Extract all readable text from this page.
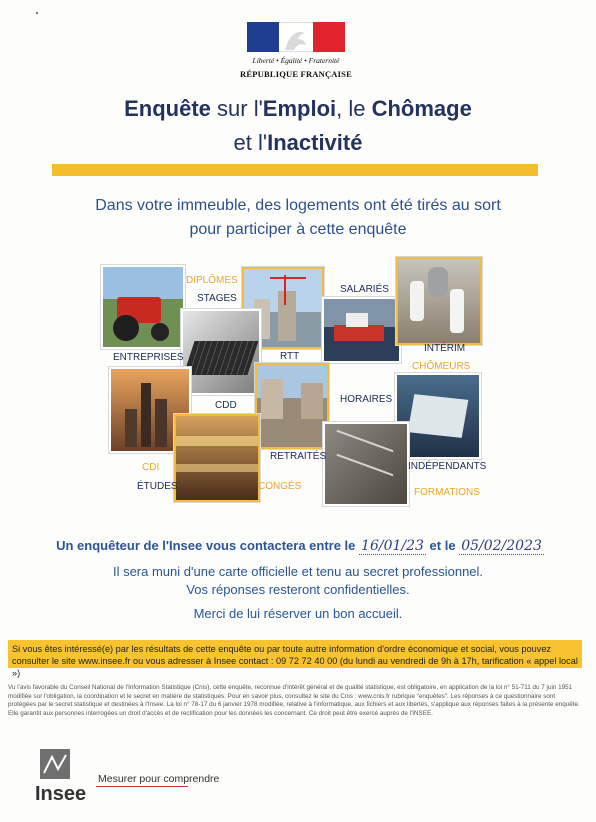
Liberté • Égalité • Fraternité
RÉPUBLIQUE FRANÇAISE
Enquête sur l'Emploi, le Chômage
et l'Inactivité
Dans votre immeuble, des logements ont été tirés au sort
pour participer à cette enquête
ENTREPRISES
DIPLÔMES
STAGES
RTT
SALARIÉS
INTÉRIM
CHÔMEURS
CDD
HORAIRES
RETRAITÉS
CDI
ÉTUDES	CONGÉS
INDÉPENDANTS
FORMATIONS
Un enquêteur de l'Insee vous contactera entre le 16/01/23 et le 05/02/2023
Il sera muni d'une carte officielle et tenu au secret professionnel.
Vos réponses resteront confidentielles.
Merci de lui réserver un bon accueil.
Si vous êtes intéressé(e) par les résultats de cette enquête ou par toute autre information d'ordre économique et social, vous pouvez consulter le site www.insee.fr ou vous adresser à Insee contact : 09 72 72 40 00 (du lundi au vendredi de 9h à 17h, tarification « appel local »)
Vu l'avis favorable du Conseil National de l'Information Statistique (Cnis), cette enquête, reconnue d'intérêt général et de qualité statistique, est obligatoire, en application de la loi n° 51-711 du 7 juin 1951 modifiée sur l'obligation, la coordination et le secret en matière de statistiques. Pour en savoir plus, consultez le site du Cnis : www.cnis.fr rubrique "enquêtes". Les réponses à ce questionnaire sont protégées par le secret statistique et destinées à l'Insee. La loi n° 78-17 du 6 janvier 1978 modifiée, relative à l'informatique, aux fichiers et aux libertés, s'applique aux réponses faites à la présente enquête. Elle garantit aux personnes interrogées un droit d'accès et de rectification pour les données les concernant. Ce droit peut être exercé auprès de l'INSEE.
Insee
Mesurer pour comprendre
